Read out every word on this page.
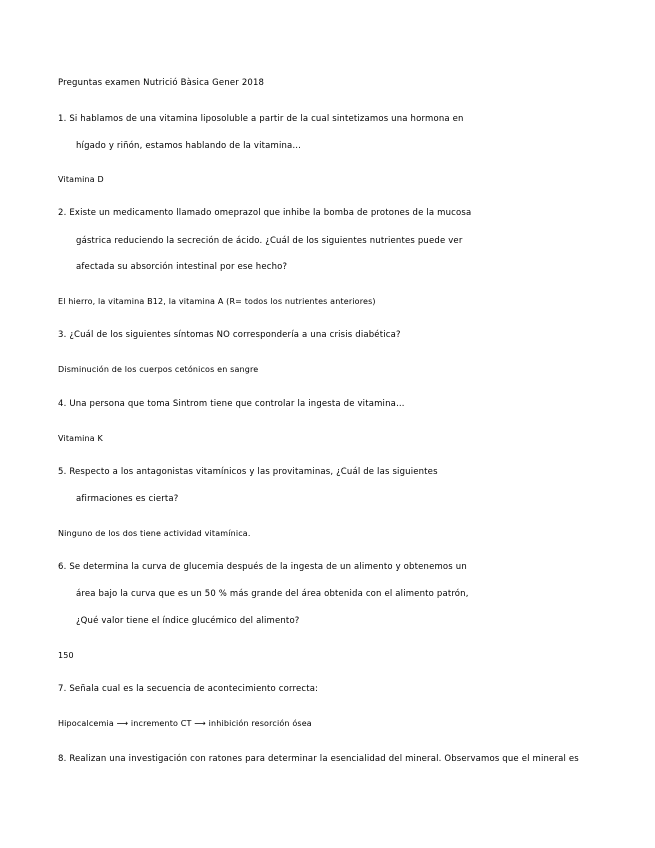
Preguntas examen Nutrició Bàsica Gener 2018
1. Si hablamos de una vitamina liposoluble a partir de la cual sintetizamos una hormona en
hígado y riñón, estamos hablando de la vitamina…
Vitamina D
2. Existe un medicamento llamado omeprazol que inhibe la bomba de protones de la mucosa
gástrica reduciendo la secreción de ácido. ¿Cuál de los siguientes nutrientes puede ver
afectada su absorción intestinal por ese hecho?
El hierro, la vitamina B12, la vitamina A (R= todos los nutrientes anteriores)
3. ¿Cuál de los siguientes síntomas NO correspondería a una crisis diabética?
Disminución de los cuerpos cetónicos en sangre
4. Una persona que toma Sintrom tiene que controlar la ingesta de vitamina…
Vitamina K
5. Respecto a los antagonistas vitamínicos y las provitaminas, ¿Cuál de las siguientes
afirmaciones es cierta?
Ninguno de los dos tiene actividad vitamínica.
6. Se determina la curva de glucemia después de la ingesta de un alimento y obtenemos un
área bajo la curva que es un 50 % más grande del área obtenida con el alimento patrón,
¿Qué valor tiene el índice glucémico del alimento?
150
7. Señala cual es la secuencia de acontecimiento correcta:
Hipocalcemia ⟶ incremento CT ⟶ inhibición resorción ósea
8. Realizan una investigación con ratones para determinar la esencialidad del mineral. Observamos que el mineral es
